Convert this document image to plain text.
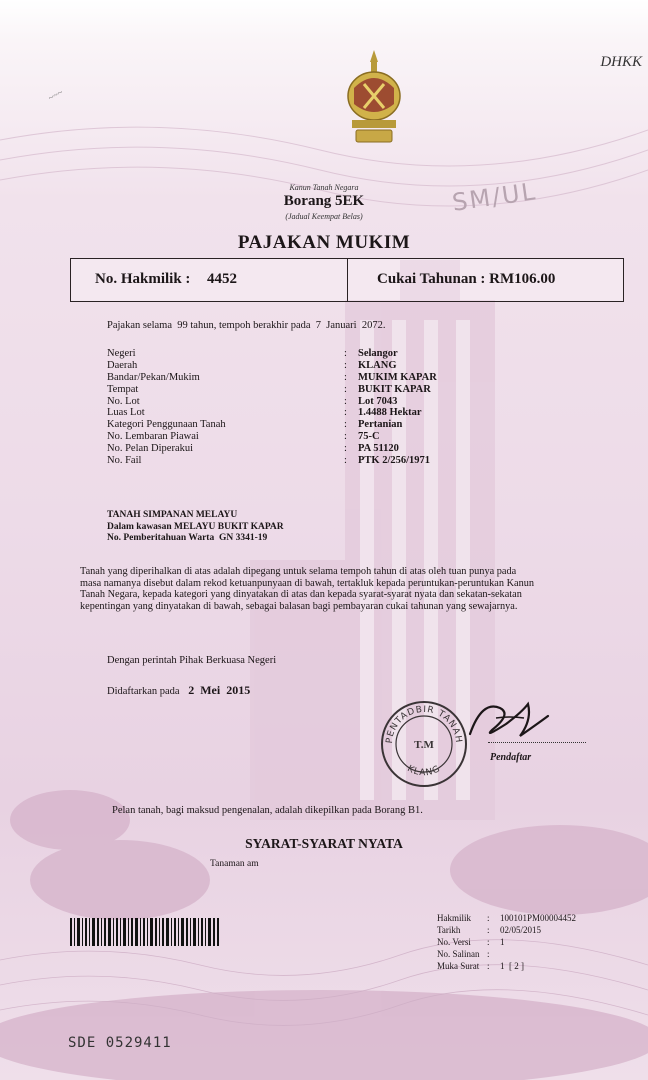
DHKK
~~~
SM/UL
Kanun Tanah Negara
Borang 5EK
(Jadual Keempat Belas)
PAJAKAN MUKIM
No. Hakmilik : 4452	Cukai Tahunan : RM106.00
Pajakan selama  99 tahun, tempoh berakhir pada  7  Januari  2072.
Negeri	: Selangor
Daerah	: KLANG
Bandar/Pekan/Mukim	: MUKIM KAPAR
Tempat	: BUKIT KAPAR
No. Lot	: Lot 7043
Luas Lot	: 1.4488 Hektar
Kategori Penggunaan Tanah	: Pertanian
No. Lembaran Piawai	: 75-C
No. Pelan Diperakui	: PA 51120
No. Fail	: PTK 2/256/1971
TANAH SIMPANAN MELAYU
Dalam kawasan MELAYU BUKIT KAPAR
No. Pemberitahuan Warta  GN 3341-19
Tanah yang diperihalkan di atas adalah dipegang untuk selama tempoh tahun di atas oleh tuan punya pada
masa namanya disebut dalam rekod ketuanpunyaan di bawah, tertakluk kepada peruntukan-peruntukan Kanun
Tanah Negara, kepada kategori yang dinyatakan di atas dan kepada syarat-syarat nyata dan sekatan-sekatan
kepentingan yang dinyatakan di bawah, sebagai balasan bagi pembayaran cukai tahunan yang sewajarnya.
Dengan perintah Pihak Berkuasa Negeri
Didaftarkan pada 2  Mei  2015
PENTADBIR TANAH
KLANG
T.M
Pendaftar
Pelan tanah, bagi maksud pengenalan, adalah dikepilkan pada Borang B1.
SYARAT-SYARAT NYATA
Tanaman am
Hakmilik : 100101PM00004452
Tarikh	: 02/05/2015
No. Versi : 1
No. Salinan :
Muka Surat : 1  [ 2 ]
SDE 0529411
